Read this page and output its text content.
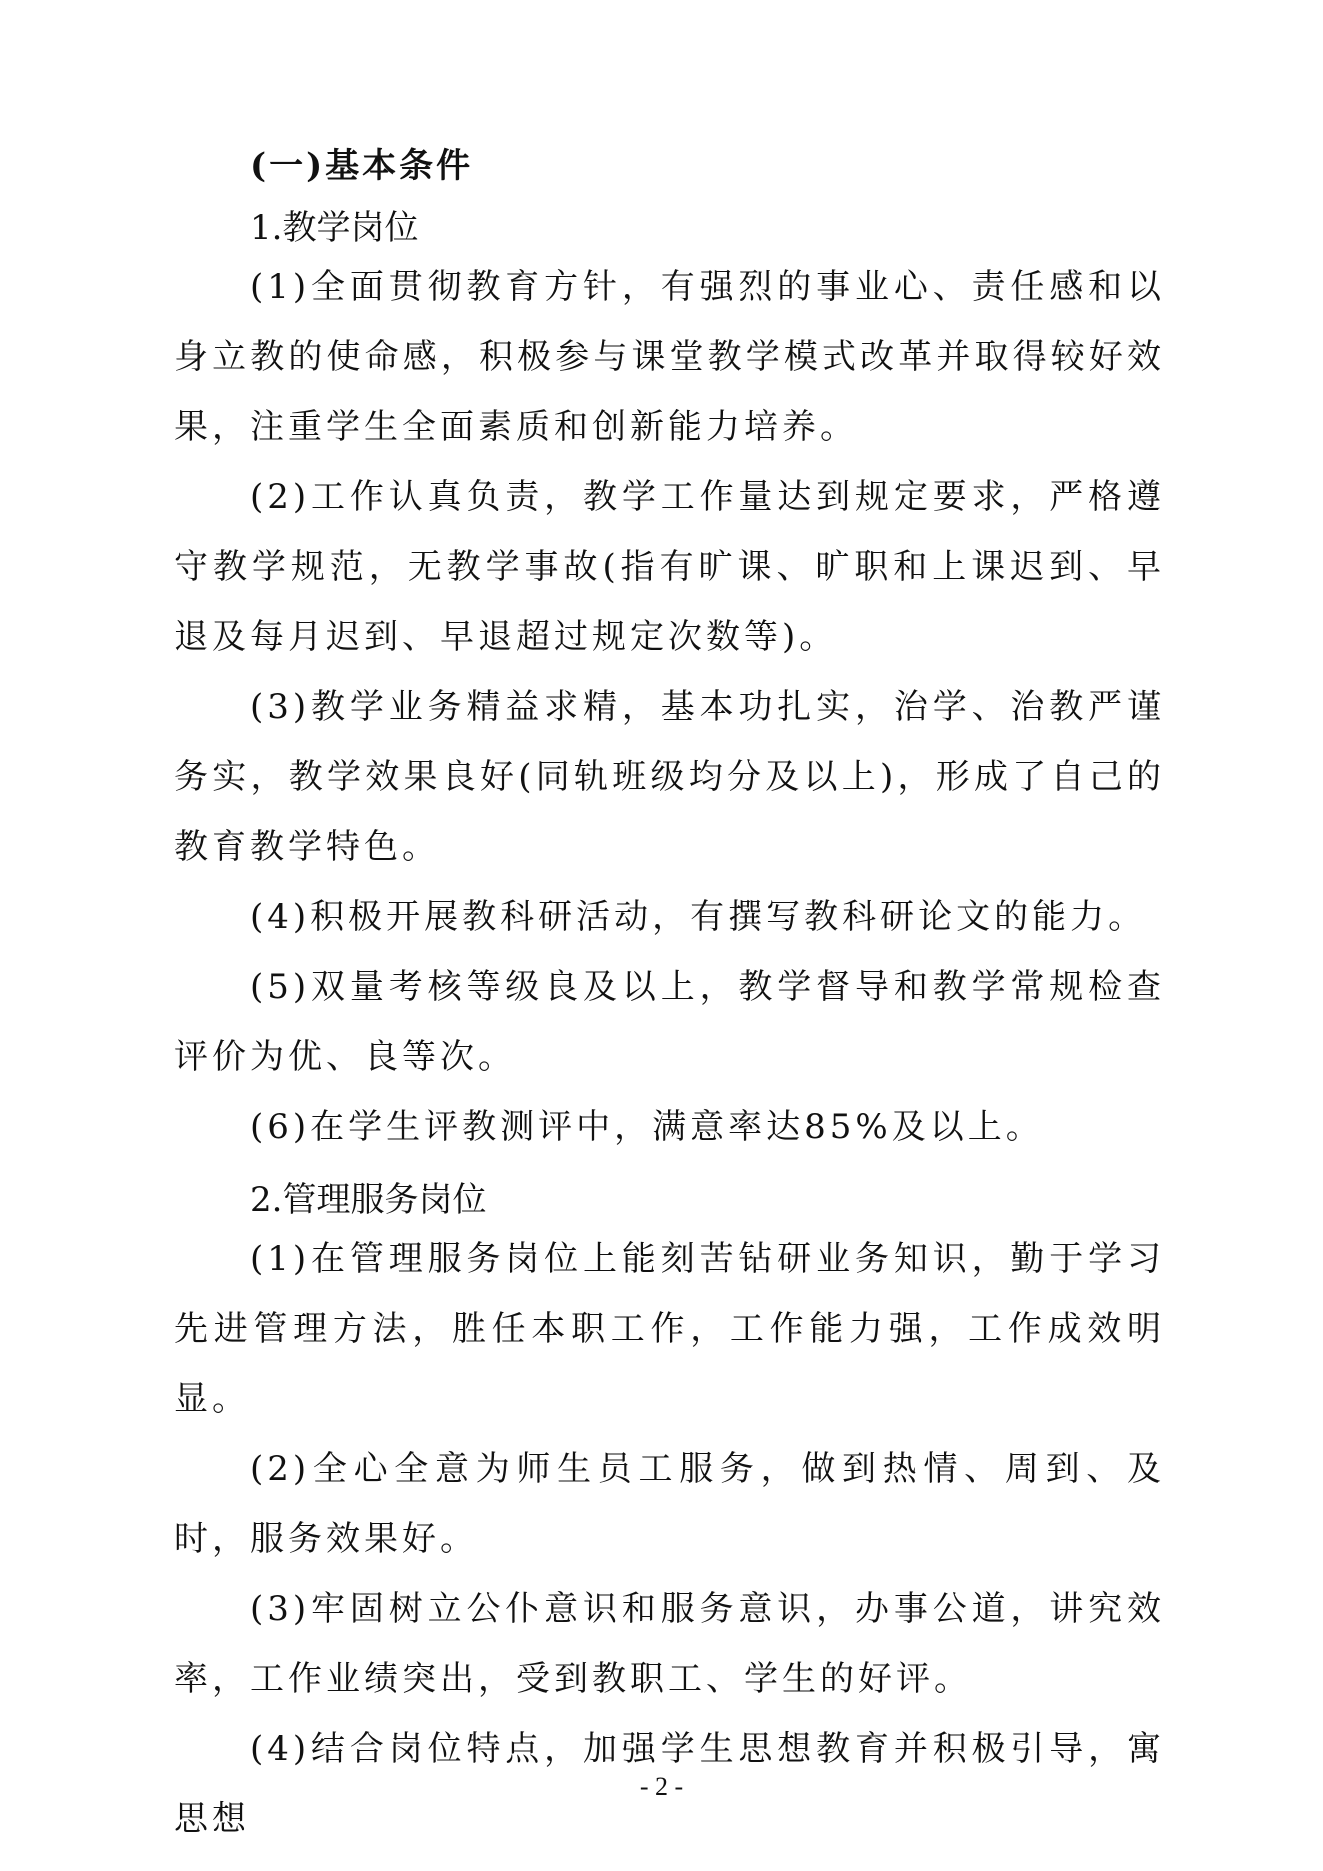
(一)基本条件
1.教学岗位

(1)全面贯彻教育方针，有强烈的事业心、责任感和以身立教的使命感，积极参与课堂教学模式改革并取得较好效果，注重学生全面素质和创新能力培养。

(2)工作认真负责，教学工作量达到规定要求，严格遵守教学规范，无教学事故(指有旷课、旷职和上课迟到、早退及每月迟到、早退超过规定次数等)。

(3)教学业务精益求精，基本功扎实，治学、治教严谨务实，教学效果良好(同轨班级均分及以上)，形成了自己的教育教学特色。

(4)积极开展教科研活动，有撰写教科研论文的能力。

(5)双量考核等级良及以上，教学督导和教学常规检查评价为优、良等次。

(6)在学生评教测评中，满意率达85%及以上。

2.管理服务岗位

(1)在管理服务岗位上能刻苦钻研业务知识，勤于学习先进管理方法，胜任本职工作，工作能力强，工作成效明显。

(2)全心全意为师生员工服务，做到热情、周到、及时，服务效果好。

(3)牢固树立公仆意识和服务意识，办事公道，讲究效率，工作业绩突出，受到教职工、学生的好评。

(4)结合岗位特点，加强学生思想教育并积极引导，寓思想

- 2 -
